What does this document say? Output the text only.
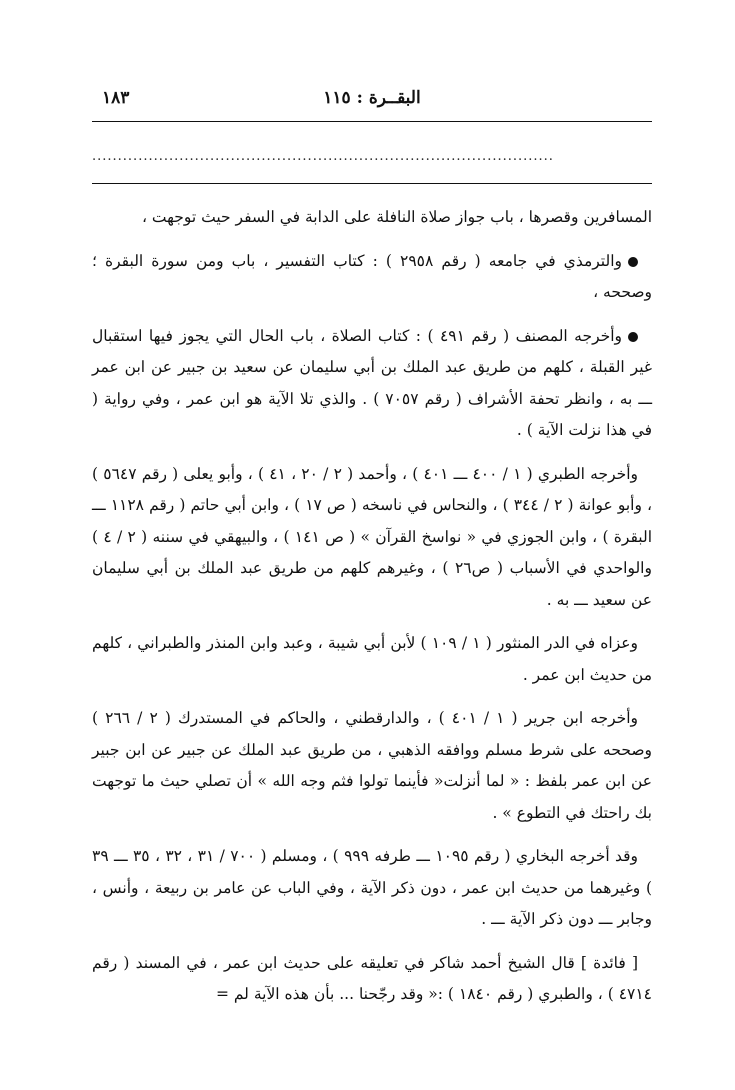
البقــرة : ١١٥
١٨٣
..........................................................................................

المسافرين وقصرها ، باب جواز صلاة النافلة على الدابة في السفر حيث توجهت ،

والترمذي في جامعه ( رقم ٢٩٥٨ ) : كتاب التفسير ، باب ومن سورة البقرة ؛ وصححه ،

وأخرجه المصنف ( رقم ٤٩١ ) : كتاب الصلاة ، باب الحال التي يجوز فيها استقبال غير القبلة ، كلهم من طريق عبد الملك بن أبي سليمان عن سعيد بن جبير عن ابن عمر ـــ به ، وانظر تحفة الأشراف ( رقم ٧٠٥٧ ) . والذي تلا الآية هو ابن عمر ، وفي رواية ( في هذا نزلت الآية ) .

وأخرجه الطبري ( ١ / ٤٠٠ ـــ ٤٠١ ) ، وأحمد ( ٢ / ٢٠ ، ٤١ ) ، وأبو يعلى ( رقم ٥٦٤٧ ) ، وأبو عوانة ( ٢ / ٣٤٤ ) ، والنحاس في ناسخه ( ص ١٧ ) ، وابن أبي حاتم ( رقم ١١٢٨ ـــ البقرة ) ، وابن الجوزي في « نواسخ القرآن » ( ص ١٤١ ) ، والبيهقي في سننه ( ٢ / ٤ ) والواحدي في الأسباب ( ص٢٦ ) ، وغيرهم كلهم من طريق عبد الملك بن أبي سليمان عن سعيد ـــ به .

وعزاه في الدر المنثور ( ١ / ١٠٩ ) لأبن أبي شيبة ، وعبد وابن المنذر والطبراني ، كلهم من حديث ابن عمر .

وأخرجه ابن جرير ( ١ / ٤٠١ ) ، والدارقطني ، والحاكم في المستدرك ( ٢ / ٢٦٦ ) وصححه على شرط مسلم ووافقه الذهبي ، من طريق عبد الملك عن جبير عن ابن جبير عن ابن عمر بلفظ : « لما أنزلت« فأينما تولوا فثم وجه الله » أن تصلي حيث ما توجهت بك راحتك في التطوع » .

وقد أخرجه البخاري ( رقم ١٠٩٥ ـــ طرفه ٩٩٩ ) ، ومسلم ( ٧٠٠ / ٣١ ، ٣٢ ، ٣٥ ـــ ٣٩ ) وغيرهما من حديث ابن عمر ، دون ذكر الآية ، وفي الباب عن عامر بن ربيعة ، وأنس ، وجابر ـــ دون ذكر الآية ـــ .

[ فائدة ] قال الشيخ أحمد شاكر في تعليقه على حديث ابن عمر ، في المسند ( رقم ٤٧١٤ ) ، والطبري ( رقم ١٨٤٠ ) :« وقد رجّحنا ... بأن هذه الآية لم =
